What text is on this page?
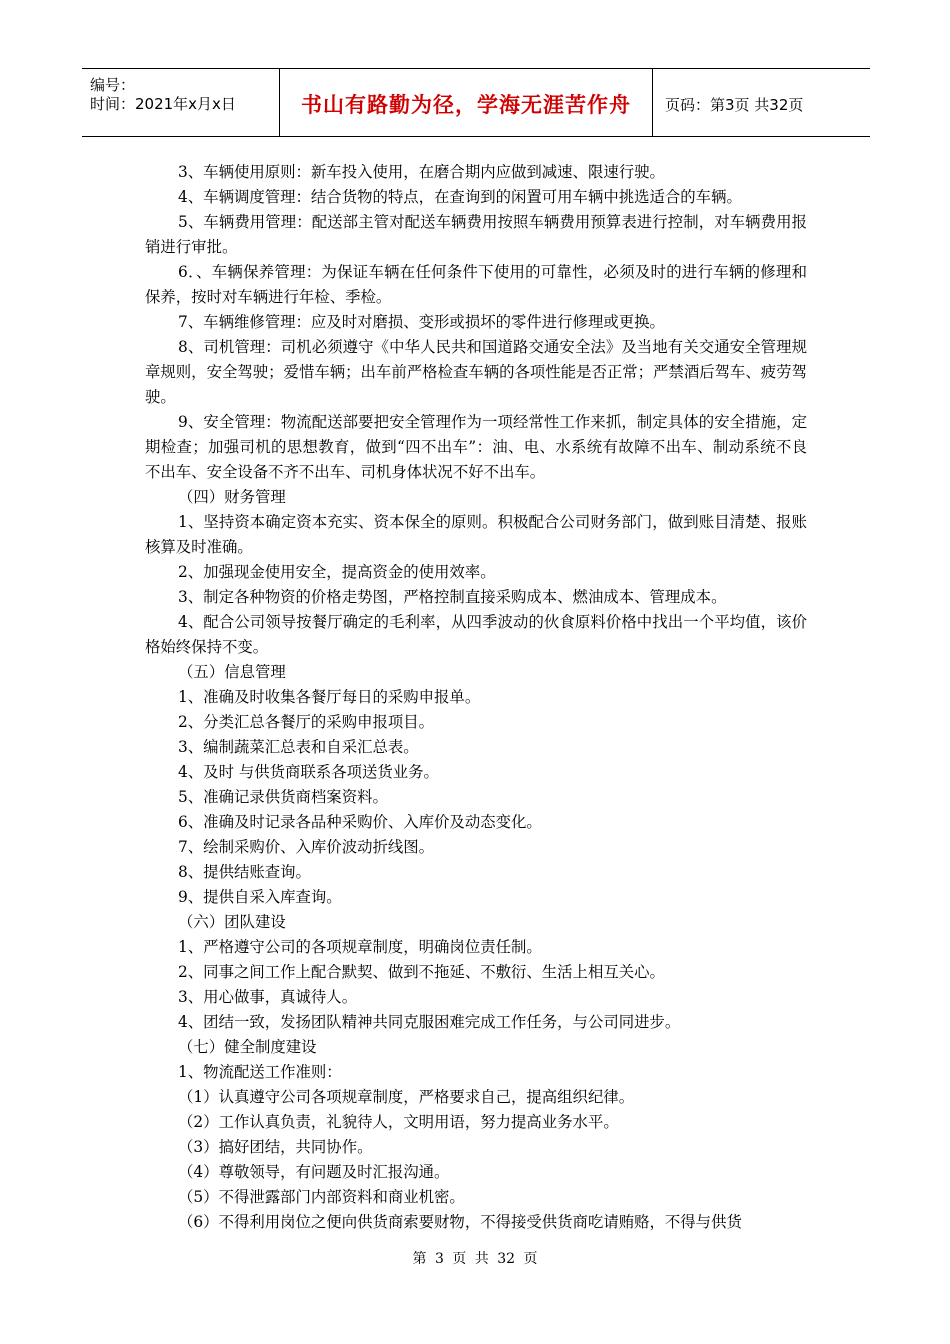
编号：
时间：2021年x月x日	书山有路勤为径，学海无涯苦作舟	页码：第3页 共32页

3、车辆使用原则：新车投入使用，在磨合期内应做到减速、限速行驶。

4、车辆调度管理：结合货物的特点，在查询到的闲置可用车辆中挑选适合的车辆。

5、车辆费用管理：配送部主管对配送车辆费用按照车辆费用预算表进行控制，对车辆费用报销进行审批。

6．、车辆保养管理：为保证车辆在任何条件下使用的可靠性，必须及时的进行车辆的修理和保养，按时对车辆进行年检、季检。

7、车辆维修管理：应及时对磨损、变形或损坏的零件进行修理或更换。

8、司机管理：司机必须遵守《中华人民共和国道路交通安全法》及当地有关交通安全管理规章规则，安全驾驶；爱惜车辆；出车前严格检查车辆的各项性能是否正常；严禁酒后驾车、疲劳驾驶。

9、安全管理：物流配送部要把安全管理作为一项经常性工作来抓，制定具体的安全措施，定期检查；加强司机的思想教育，做到“四不出车”：油、电、水系统有故障不出车、制动系统不良不出车、安全设备不齐不出车、司机身体状况不好不出车。

（四）财务管理

1、坚持资本确定资本充实、资本保全的原则。积极配合公司财务部门，做到账目清楚、报账核算及时准确。

2、加强现金使用安全，提高资金的使用效率。

3、制定各种物资的价格走势图，严格控制直接采购成本、燃油成本、管理成本。

4、配合公司领导按餐厅确定的毛利率，从四季波动的伙食原料价格中找出一个平均值，该价格始终保持不变。

（五）信息管理

1、准确及时收集各餐厅每日的采购申报单。

2、分类汇总各餐厅的采购申报项目。

3、编制蔬菜汇总表和自采汇总表。

4、及时 与供货商联系各项送货业务。

5、准确记录供货商档案资料。

6、准确及时记录各品种采购价、入库价及动态变化。

7、绘制采购价、入库价波动折线图。

8、提供结账查询。

9、提供自采入库查询。

（六）团队建设

1、严格遵守公司的各项规章制度，明确岗位责任制。

2、同事之间工作上配合默契、做到不拖延、不敷衍、生活上相互关心。

3、用心做事，真诚待人。

4、团结一致，发扬团队精神共同克服困难完成工作任务，与公司同进步。

（七）健全制度建设

1、物流配送工作准则：

（1）认真遵守公司各项规章制度，严格要求自己，提高组织纪律。

（2）工作认真负责，礼貌待人，文明用语，努力提高业务水平。

（3）搞好团结，共同协作。

（4）尊敬领导，有问题及时汇报沟通。

（5）不得泄露部门内部资料和商业机密。

（6）不得利用岗位之便向供货商索要财物，不得接受供货商吃请贿赂，不得与供货

第 3 页 共 32 页
